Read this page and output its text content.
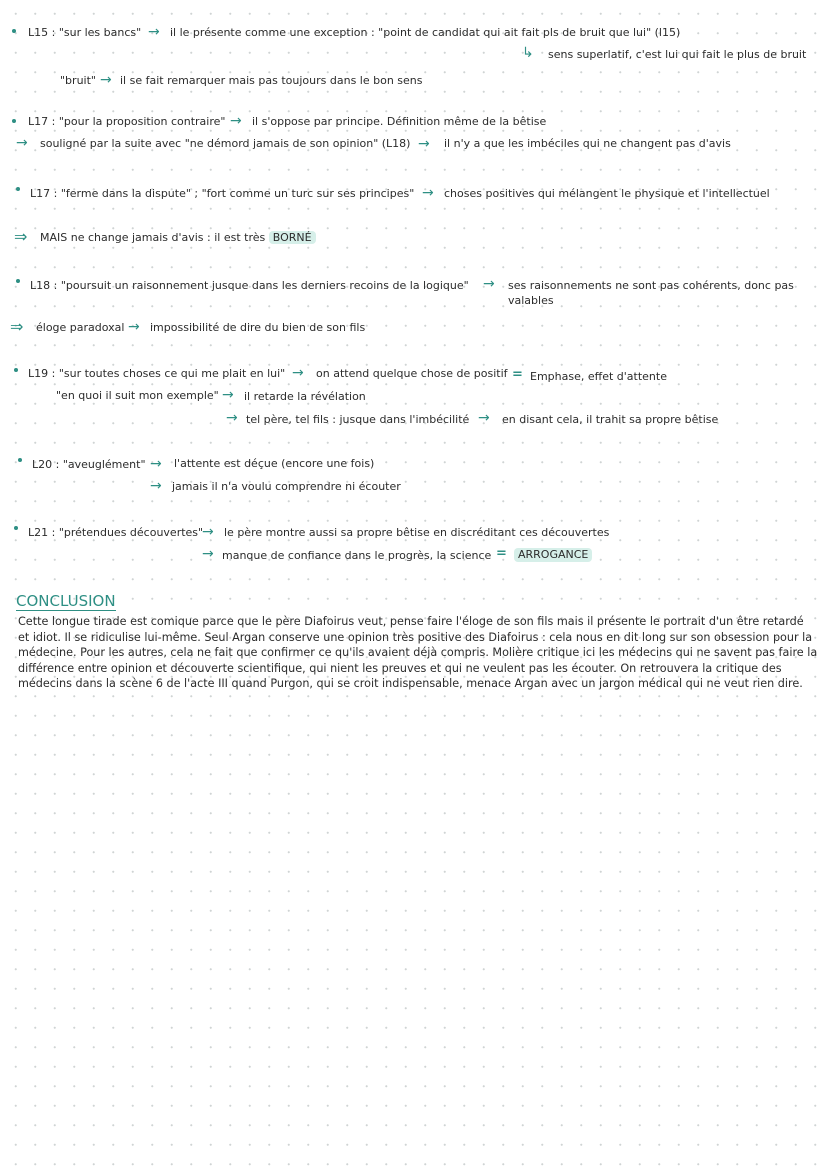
L15 : "sur les bancs" → il le présente comme une exception : "point de candidat qui ait fait pls de bruit que lui" (l15)
↳ sens superlatif, c'est lui qui fait le plus de bruit
"bruit" → il se fait remarquer mais pas toujours dans le bon sens
L17 : "pour la proposition contraire" → il s'oppose par principe. Définition même de la bêtise
→ souligné par la suite avec "ne démord jamais de son opinion" (L18) → il n'y a que les imbéciles qui ne changent pas d'avis
L17 : "ferme dans la dispute" ; "fort comme un turc sur ses principes" → choses positives qui mélangent le physique et l'intellectuel
⇒ MAIS ne change jamais d'avis : il est très BORNÉ
L18 : "poursuit un raisonnement jusque dans les derniers recoins de la logique" → ses raisonnements ne sont pas cohérents, donc pas
valables
⇒ éloge paradoxal → impossibilité de dire du bien de son fils
L19 : "sur toutes choses ce qui me plait en lui" → on attend quelque chose de positif = Emphase, effet d'attente
"en quoi il suit mon exemple" → il retarde la révélation
→ tel père, tel fils : jusque dans l'imbécilité → en disant cela, il trahit sa propre bêtise
L20 : "aveuglément" → l'attente est déçue (encore une fois)
→ jamais il n'a voulu comprendre ni écouter
L21 : "prétendues découvertes"
→ le père montre aussi sa propre bêtise en discréditant ces découvertes
→ manque de confiance dans le progrès, la science =	ARROGANCE
CONCLUSION

Cette longue tirade est comique parce que le père Diafoirus veut, pense faire l'éloge de son fils mais il présente le portrait d'un être retardé et idiot. Il se ridiculise lui-même. Seul Argan conserve une opinion très positive des Diafoirus : cela nous en dit long sur son obsession pour la médecine. Pour les autres, cela ne fait que confirmer ce qu'ils avaient déjà compris. Molière critique ici les médecins qui ne savent pas faire la différence entre opinion et découverte scientifique, qui nient les preuves et qui ne veulent pas les écouter. On retrouvera la critique des médecins dans la scène 6 de l'acte III quand Purgon, qui se croit indispensable, menace Argan avec un jargon médical qui ne veut rien dire.
